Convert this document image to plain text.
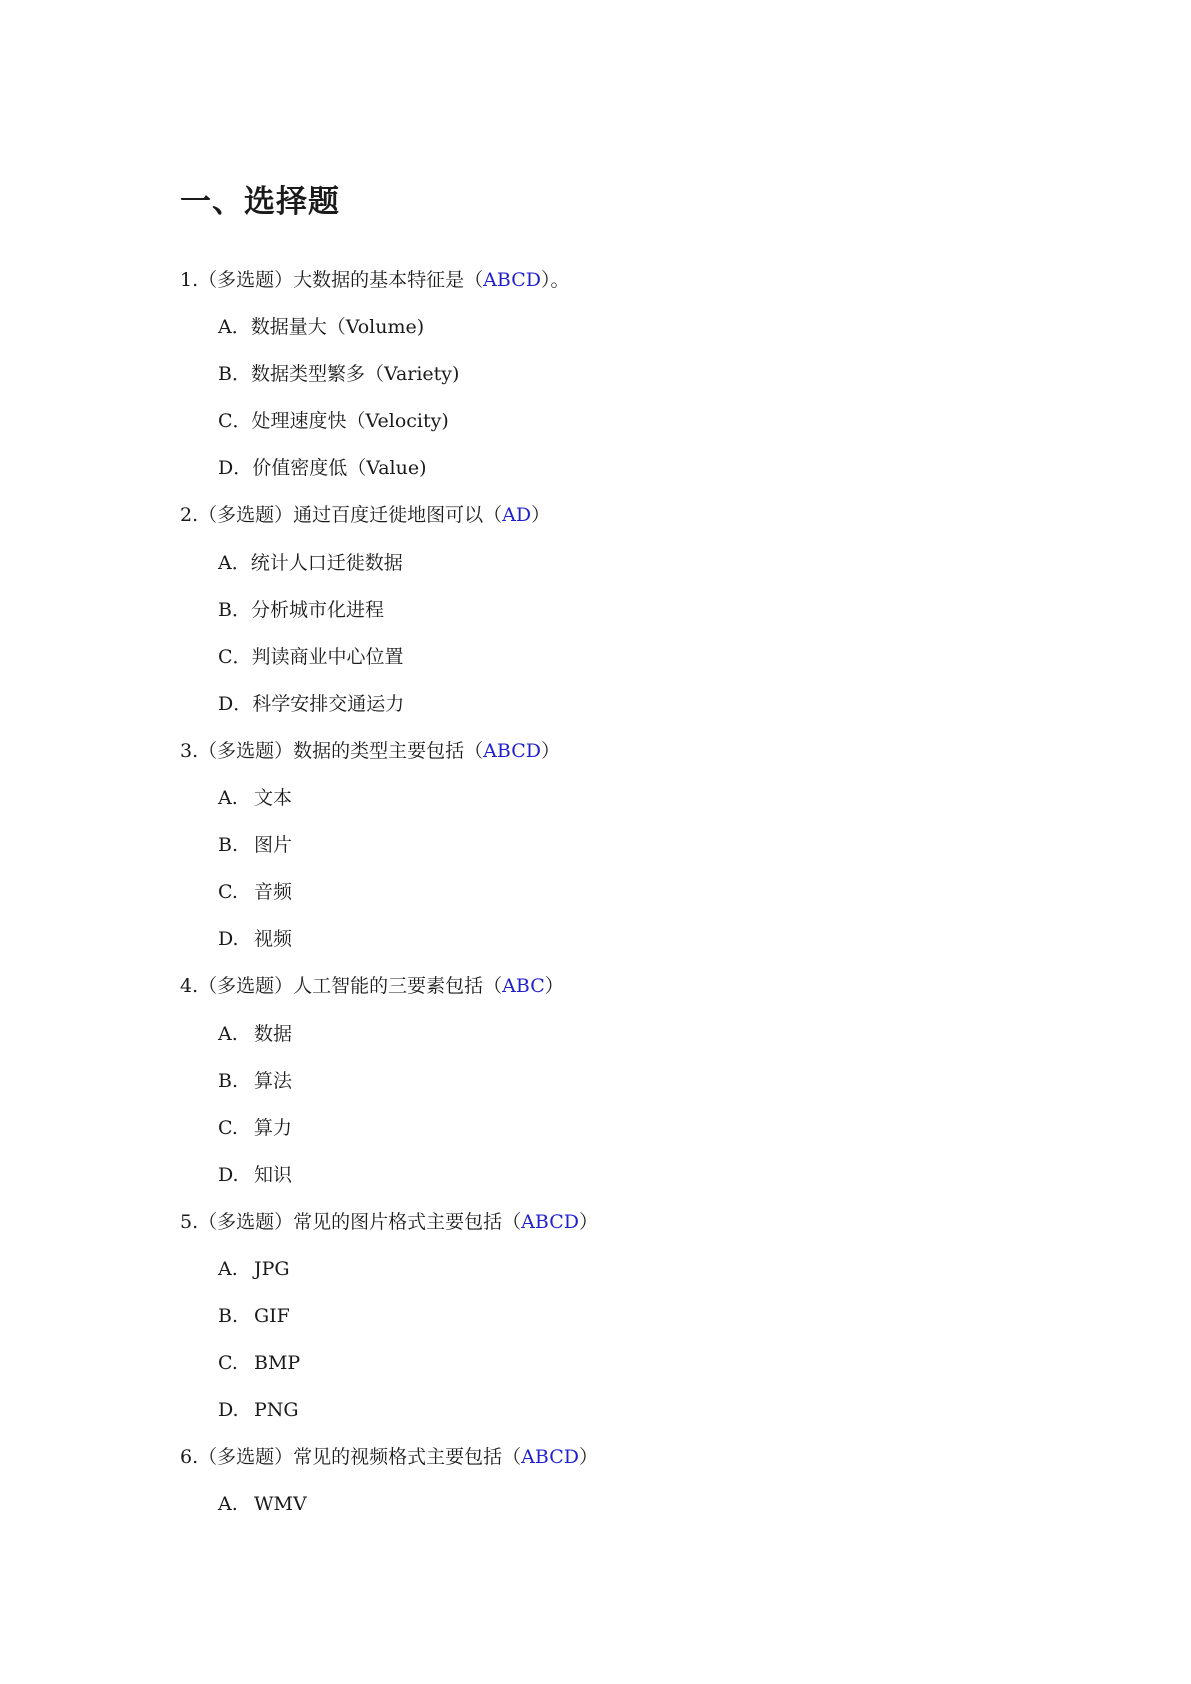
一、选择题
1.（多选题）大数据的基本特征是（ABCD）。
A．数据量大（Volume)
B．数据类型繁多（Variety)
C．处理速度快（Velocity)
D．价值密度低（Value)
2.（多选题）通过百度迁徙地图可以（AD）
A．统计人口迁徙数据
B．分析城市化进程
C．判读商业中心位置
D．科学安排交通运力
3.（多选题）数据的类型主要包括（ABCD）
A. 文本
B. 图片
C. 音频
D. 视频
4.（多选题）人工智能的三要素包括（ABC）
A. 数据
B. 算法
C. 算力
D. 知识
5.（多选题）常见的图片格式主要包括（ABCD）
A. JPG
B. GIF
C. BMP
D. PNG
6.（多选题）常见的视频格式主要包括（ABCD）
A. WMV
